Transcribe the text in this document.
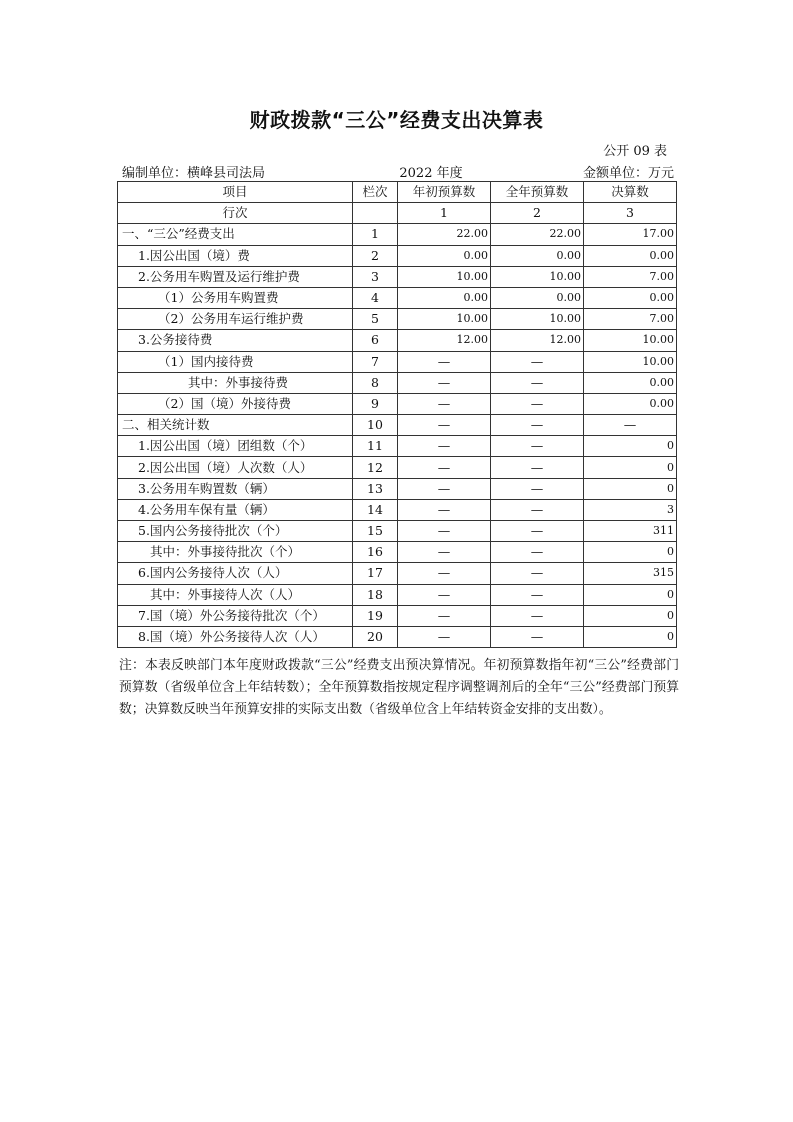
财政拨款“三公”经费支出决算表
公开 09 表
编制单位：横峰县司法局	2022 年度	金额单位：万元
项目	栏次	年初预算数	全年预算数	决算数
行次		1	2	3
一、“三公”经费支出	1	22.00	22.00	17.00
1.因公出国（境）费	2	0.00	0.00	0.00
2.公务用车购置及运行维护费	3	10.00	10.00	7.00
（1）公务用车购置费	4	0.00	0.00	0.00
（2）公务用车运行维护费	5	10.00	10.00	7.00
3.公务接待费	6	12.00	12.00	10.00
（1）国内接待费	7	—	—	10.00
其中：外事接待费	8	—	—	0.00
（2）国（境）外接待费	9	—	—	0.00
二、相关统计数	10	—	—	—
1.因公出国（境）团组数（个）	11	—	—	0
2.因公出国（境）人次数（人）	12	—	—	0
3.公务用车购置数（辆）	13	—	—	0
4.公务用车保有量（辆）	14	—	—	3
5.国内公务接待批次（个）	15	—	—	311
其中：外事接待批次（个）	16	—	—	0
6.国内公务接待人次（人）	17	—	—	315
其中：外事接待人次（人）	18	—	—	0
7.国（境）外公务接待批次（个）	19	—	—	0
8.国（境）外公务接待人次（人）	20	—	—	0
注：本表反映部门本年度财政拨款“三公”经费支出预决算情况。年初预算数指年初“三公”经费部门预算数（省级单位含上年结转数）；全年预算数指按规定程序调整调剂后的全年“三公”经费部门预算数；决算数反映当年预算安排的实际支出数（省级单位含上年结转资金安排的支出数）。
